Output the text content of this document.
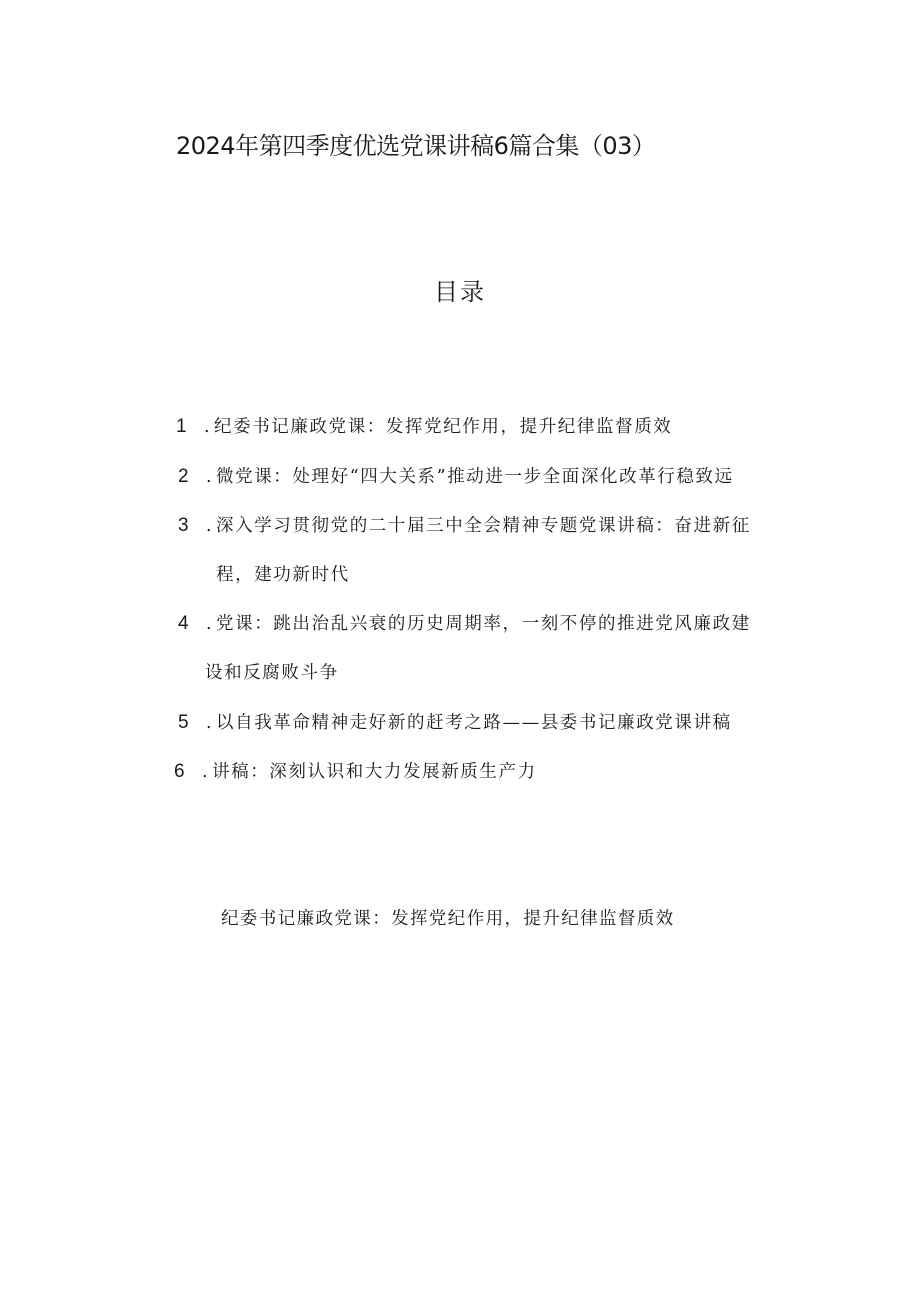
2024年第四季度优选党课讲稿6篇合集（03）
目录
1 . 纪委书记廉政党课：发挥党纪作用，提升纪律监督质效
2 . 微党课：处理好“四大关系”推动进一步全面深化改革行稳致远
3 . 深入学习贯彻党的二十届三中全会精神专题党课讲稿：奋进新征
程，建功新时代
4 . 党课：跳出治乱兴衰的历史周期率，一刻不停的推进党风廉政建
设和反腐败斗争
5 . 以自我革命精神走好新的赶考之路——县委书记廉政党课讲稿
6 . 讲稿：深刻认识和大力发展新质生产力
纪委书记廉政党课：发挥党纪作用，提升纪律监督质效
